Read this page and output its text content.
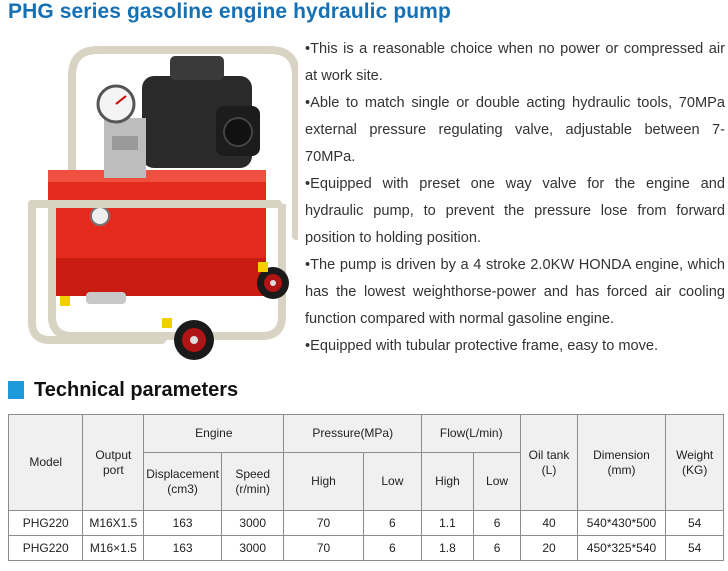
PHG series gasoline engine hydraulic pump
•This is a reasonable choice when no power or compressed air at work site.
•Able to match single or double acting hydraulic tools, 70MPa external pressure regulating valve, adjustable between 7-70MPa.
•Equipped with preset one way valve for the engine and hydraulic pump, to prevent the pressure lose from forward position to holding position.
•The pump is driven by a 4 stroke 2.0KW HONDA engine, which has the lowest weighthorse-power and has forced air cooling function compared with normal gasoline engine.
•Equipped with tubular protective frame, easy to move.
Technical parameters
Model	Output port	Engine		Pressure(MPa)		Flow(L/min)		Oil tank (L)	Dimension (mm)	Weight (KG)
		Displacement (cm3)	Speed (r/min)	High	Low	High	Low			
PHG220	M16X1.5	163	3000	70	6	1.1	6	40	540*430*500	54
PHG220	M16×1.5	163	3000	70	6	1.8	6	20	450*325*540	54
